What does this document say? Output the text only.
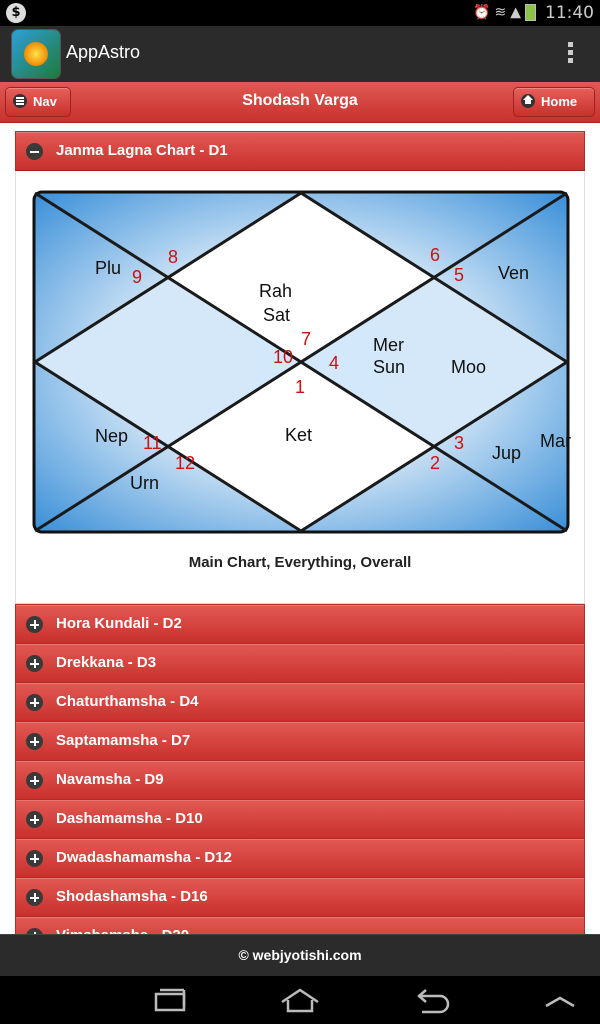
$	⏰≋▲	11:40
AppAstro
Nav	Shodash Varga	Home
Janma Lagna Chart - D1
1
Ket
2	Jup
3	Mar
4
Mer
Sun	Moo
5 Ven
6
7
Rah
Sat
8
9
Plu
10
11
Nep
12
Urn
Main Chart, Everything, Overall
Hora Kundali - D2
Drekkana - D3
Chaturthamsha - D4
Saptamamsha - D7
Navamsha - D9
Dashamamsha - D10
Dwadashamamsha - D12
Shodashamsha - D16
© webjyotishi.com
